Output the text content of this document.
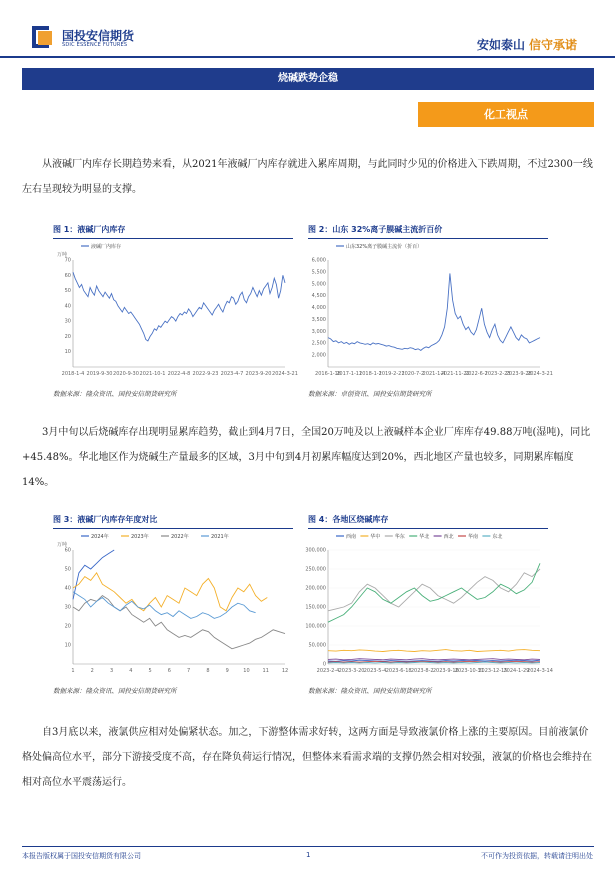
国投安信期货
SDIC ESSENCE FUTURES	安如泰山 信守承诺
烧碱跌势企稳
化工视点
从液碱厂内库存长期趋势来看，从2021年液碱厂内库存就进入累库周期，与此同时少见的价格进入下跌周期，不过2300一线左右呈现较为明显的支撑。
图 1：液碱厂内库存
10
20
30
40
50
60
70
万吨
2018-1-4 2019-9-30 2020-9-30 2021-10-1 2022-4-8 2022-9-23 2023-4-7 2023-9-20 2024-3-21
液碱厂内库存
数据来源：隆众资讯、国投安信期货研究所
图 2：山东 32%离子膜碱主流折百价
2,000
2,500
3,000
3,500
4,000
4,500
5,000
5,500
6,000
2016-1-18
2017-1-11
2018-1-1
2019-2-21
2020-7-2
2021-1-4
2021-11-22
2022-6-7
2023-2-23
2023-9-28
2024-3-21
山东32%离子膜碱主流价（折百）
数据来源：卓创资讯、国投安信期货研究所
3月中旬以后烧碱库存出现明显累库趋势，截止到4月7日，全国20万吨及以上液碱样本企业厂库库存49.88万吨(湿吨)，同比+45.48%。华北地区作为烧碱生产量最多的区域，3月中旬到4月初累库幅度达到20%，西北地区产量也较多，同期累库幅度14%。
图 3：液碱厂内库存年度对比
10
20
30
40
50
60
万吨
1	2	3	4	5	6	7	8	9	10	11	12
2024年	2023年	2022年	2021年
数据来源：隆众资讯、国投安信期货研究所
图 4：各地区烧碱库存
0
50,000
100,000
150,000
200,000
250,000
300,000
2023-2-4 2023-3-20 2023-5-4 2023-6-18 2023-8-2 2023-9-16
2023-10-31
2023-12-15
2024-1-29
2024-3-14
西南	华中	华东	华北	西北	华南	东北
数据来源：隆众资讯、国投安信期货研究所
自3月底以来，液氯供应相对处偏紧状态。加之，下游整体需求好转，这两方面是导致液氯价格上涨的主要原因。目前液氯价格处偏高位水平，部分下游接受度不高，存在降负荷运行情况，但整体来看需求端的支撑仍然会相对较强，液氯的价格也会维持在相对高位水平震荡运行。
本报告版权属于国投安信期货有限公司	1	不可作为投资依据，转载请注明出处
